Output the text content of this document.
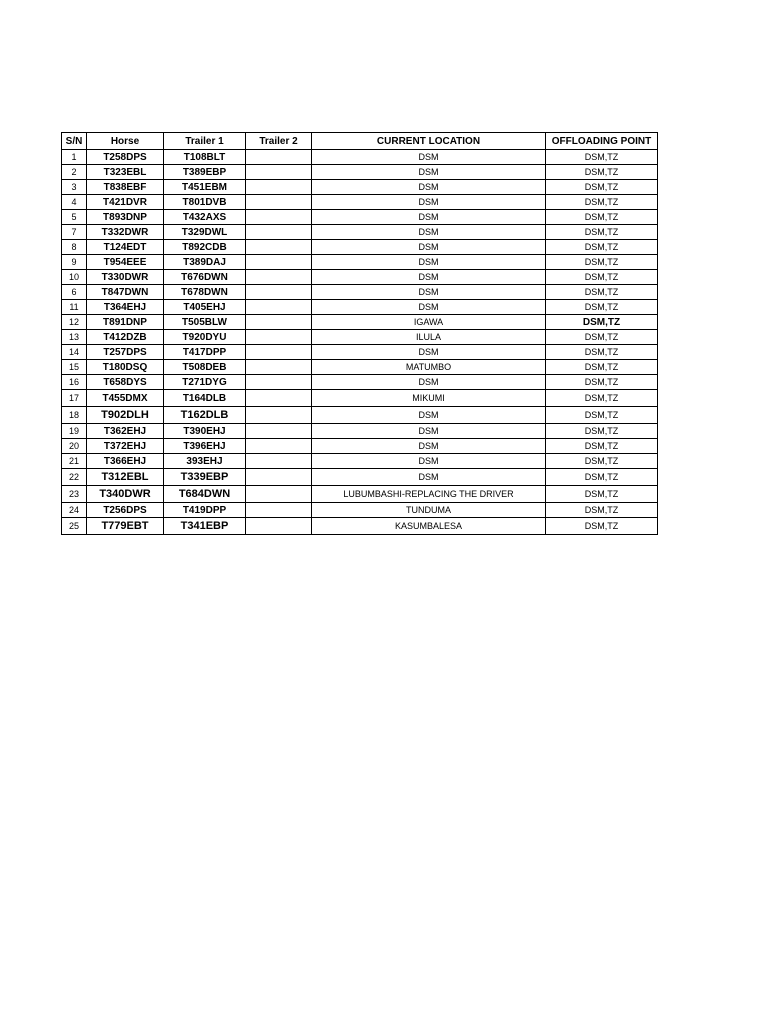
S/N	Horse	Trailer 1	Trailer 2	CURRENT LOCATION	OFFLOADING POINT
1	T258DPS	T108BLT		DSM	DSM,TZ
2	T323EBL	T389EBP		DSM	DSM,TZ
3	T838EBF	T451EBM		DSM	DSM,TZ
4	T421DVR	T801DVB		DSM	DSM,TZ
5	T893DNP	T432AXS		DSM	DSM,TZ
7	T332DWR	T329DWL		DSM	DSM,TZ
8	T124EDT	T892CDB		DSM	DSM,TZ
9	T954EEE	T389DAJ		DSM	DSM,TZ
10	T330DWR	T676DWN		DSM	DSM,TZ
6	T847DWN	T678DWN		DSM	DSM,TZ
11	T364EHJ	T405EHJ		DSM	DSM,TZ
12	T891DNP	T505BLW		IGAWA	DSM,TZ
13	T412DZB	T920DYU		ILULA	DSM,TZ
14	T257DPS	T417DPP		DSM	DSM,TZ
15	T180DSQ	T508DEB		MATUMBO	DSM,TZ
16	T658DYS	T271DYG		DSM	DSM,TZ
17	T455DMX	T164DLB		MIKUMI	DSM,TZ
18	T902DLH	T162DLB		DSM	DSM,TZ
19	T362EHJ	T390EHJ		DSM	DSM,TZ
20	T372EHJ	T396EHJ		DSM	DSM,TZ
21	T366EHJ	393EHJ		DSM	DSM,TZ
22	T312EBL	T339EBP		DSM	DSM,TZ
23	T340DWR	T684DWN		LUBUMBASHI-REPLACING THE DRIVER	DSM,TZ
24	T256DPS	T419DPP		TUNDUMA	DSM,TZ
25	T779EBT	T341EBP		KASUMBALESA	DSM,TZ
